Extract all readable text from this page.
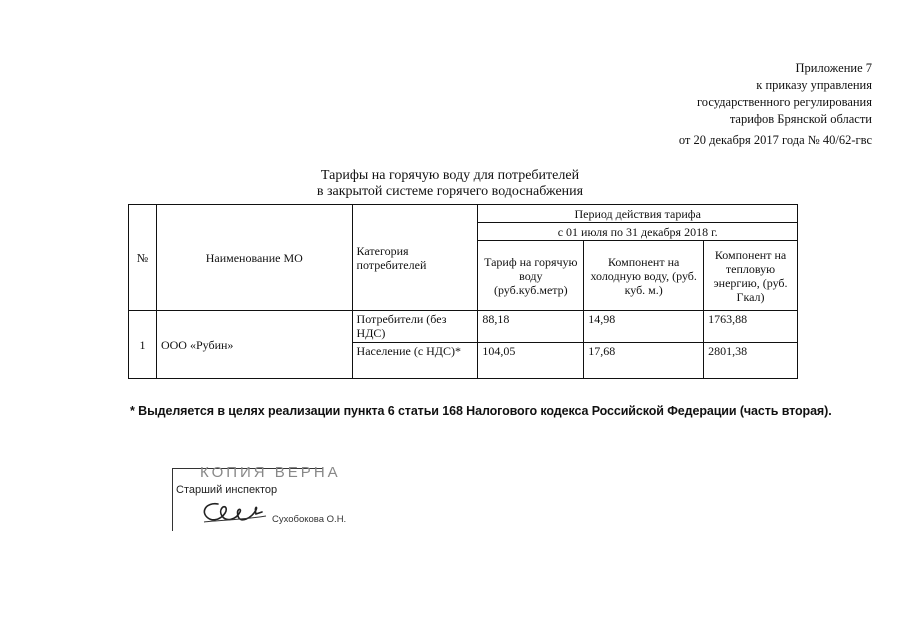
Приложение 7
к приказу управления
государственного регулирования
тарифов Брянской области
от 20 декабря 2017 года № 40/62-гвс
Тарифы на горячую воду для потребителей
в закрытой системе горячего водоснабжения
№	Наименование МО	Категория потребителей	Период действия тарифа		
			с 01 июля по 31 декабря 2018 г.		
			Тариф на горячую воду (руб.куб.метр)	Компонент на холодную воду, (руб. куб. м.)	Компонент на тепловую энергию, (руб. Гкал)
1	ООО «Рубин»	Потребители (без НДС)	88,18	14,98	1763,88
		Население (с НДС)*	104,05	17,68	2801,38
* Выделяется в целях реализации пункта 6 статьи 168 Налогового кодекса Российской Федерации (часть вторая).
КОПИЯ ВЕРНА
Старший инспектор
Сухобокова О.Н.
